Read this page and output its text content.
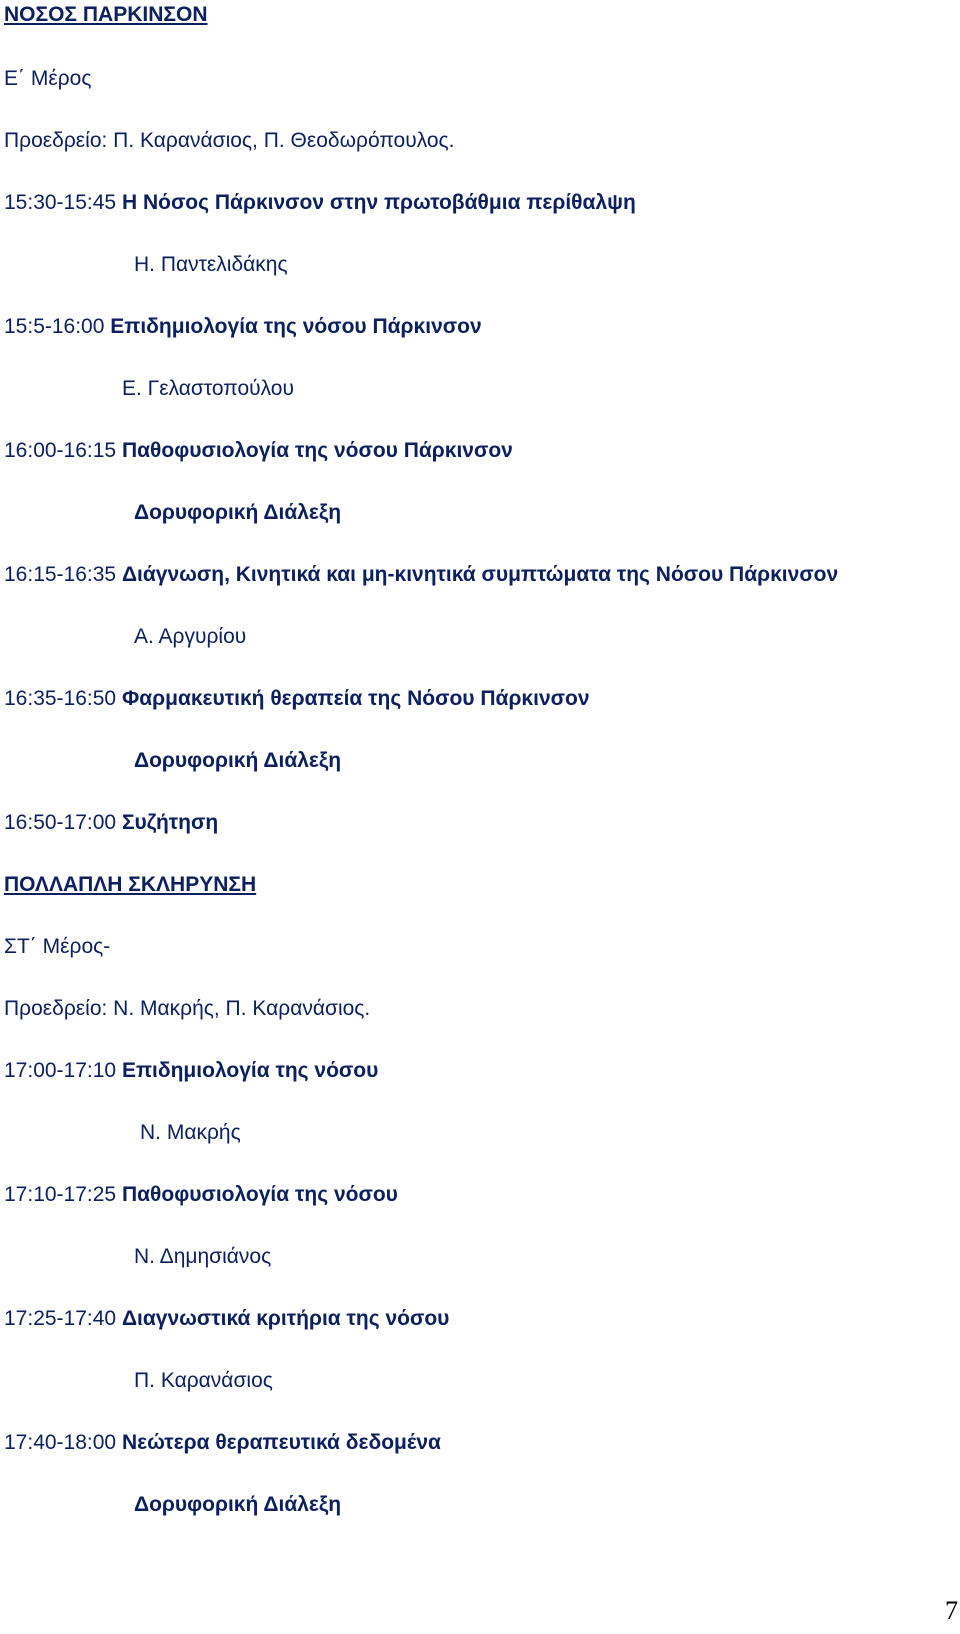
ΝΟΣΟΣ ΠΑΡΚΙΝΣΟΝ
Ε΄ Μέρος
Προεδρείο: Π. Καρανάσιος, Π. Θεοδωρόπουλος.
15:30-15:45 Η Νόσος Πάρκινσον στην πρωτοβάθμια περίθαλψη
Η. Παντελιδάκης
15:5-16:00 Επιδημιολογία της νόσου Πάρκινσον
Ε. Γελαστοπούλου
16:00-16:15 Παθοφυσιολογία της νόσου Πάρκινσον
Δορυφορική Διάλεξη
16:15-16:35 Διάγνωση, Κινητικά και μη-κινητικά συμπτώματα της Νόσου Πάρκινσον
Α. Αργυρίου
16:35-16:50 Φαρμακευτική θεραπεία της Νόσου Πάρκινσον
Δορυφορική Διάλεξη
16:50-17:00 Συζήτηση
ΠΟΛΛΑΠΛΗ ΣΚΛΗΡΥΝΣΗ
ΣΤ΄ Μέρος-
Προεδρείο: Ν. Μακρής, Π. Καρανάσιος.
17:00-17:10 Επιδημιολογία της νόσου
Ν. Μακρής
17:10-17:25 Παθοφυσιολογία της νόσου
Ν. Δημησιάνος
17:25-17:40 Διαγνωστικά κριτήρια της νόσου
Π. Καρανάσιος
17:40-18:00 Νεώτερα θεραπευτικά δεδομένα
Δορυφορική Διάλεξη
7
